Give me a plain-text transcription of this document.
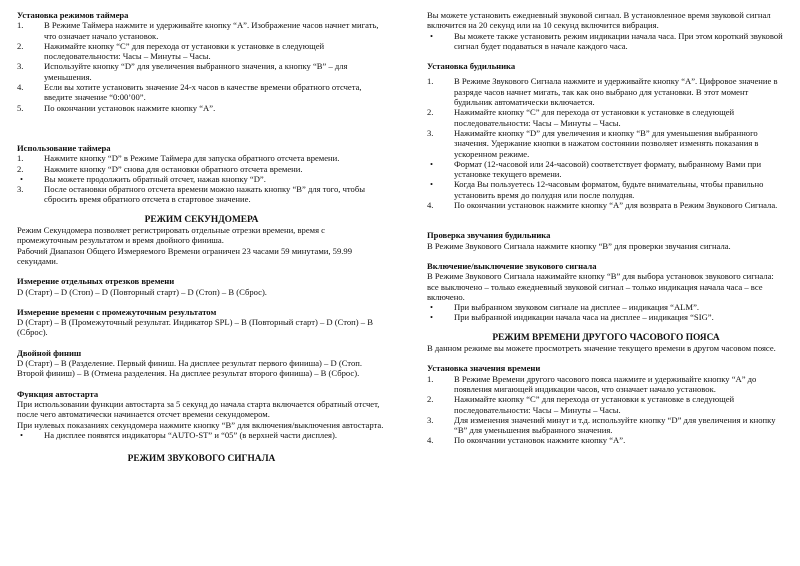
Установка режимов таймера

1.	В Режиме Таймера нажмите и удерживайте кнопку “A”. Изображение часов начнет мигать, что означает начало установок.
2.	Нажимайте кнопку “C” для перехода от установки к установке в следующей последовательности: Часы – Минуты – Часы.
3.	Используйте кнопку “D” для увеличения выбранного значения, а кнопку “B” – для уменьшения.
4.	Если вы хотите установить значение 24-х часов в качестве времени обратного отсчета, введите значение “0:00’00”.
5.	По окончании установок нажмите кнопку “A”.

Использование таймера

1.	Нажмите кнопку “D” в Режиме Таймера для запуска обратного отсчета времени.
2.	Нажмите кнопку “D” снова для остановки обратного отсчета времени.
•	Вы можете продолжить обратный отсчет, нажав кнопку “D”.
3.	После остановки обратного отсчета времени можно нажать кнопку “B” для того, чтобы сбросить время обратного отсчета в стартовое значение.

РЕЖИМ СЕКУНДОМЕРА

Режим Секундомера позволяет регистрировать отдельные отрезки времени, время с промежуточным результатом и время двойного финиша.

Рабочий Диапазон Общего Измеряемого Времени ограничен 23 часами 59 минутами, 59.99 секундами.

Измерение отдельных отрезков времени

D (Старт) – D (Стоп) – D (Повторный старт) – D (Стоп) – B (Сброс).

Измерение времени с промежуточным результатом

D (Старт) – B (Промежуточный результат. Индикатор SPL) – B (Повторный старт) – D (Стоп) – B (Сброс).

Двойной финиш

D (Старт) – B (Разделение. Первый финиш. На дисплее результат первого финиша) – D (Стоп. Второй финиш) – B (Отмена разделения. На дисплее результат второго финиша) – B (Сброс).

Функция автостарта

При использовании функции автостарта за 5 секунд до начала старта включается обратный отсчет, после чего автоматически начинается отсчет времени секундомером.

При нулевых показаниях секундомера нажмите кнопку “B” для включения/выключения автостарта.

•	На дисплее появятся индикаторы “AUTO-ST” и “05” (в верхней части дисплея).

РЕЖИМ ЗВУКОВОГО СИГНАЛА

Вы можете установить ежедневный звуковой сигнал. В установленное время звуковой сигнал включится на 20 секунд или на 10 секунд включится вибрация.

•	Вы можете также установить режим индикации начала часа. При этом короткий звуковой сигнал будет подаваться в начале каждого часа.

Установка будильника

1.	В Режиме Звукового Сигнала нажмите и удерживайте кнопку “A”. Цифровое значение в разряде часов начнет мигать, так как оно выбрано для установки. В этот момент будильник автоматически включается.
2.	Нажимайте кнопку “C” для перехода от установки к установке в следующей последовательности: Часы – Минуты – Часы.
3.	Нажимайте кнопку “D” для увеличения и кнопку “B” для уменьшения выбранного значения. Удержание кнопки в нажатом состоянии позволяет изменять показания в ускоренном режиме.
•	Формат (12-часовой или 24-часовой) соответствует формату, выбранному Вами при установке текущего времени.
•	Когда Вы пользуетесь 12-часовым форматом, будьте внимательны, чтобы правильно установить время до полудня или после полудня.
4.	По окончании установок нажмите кнопку “A” для возврата в Режим Звукового Сигнала.

Проверка звучания будильника

В Режиме Звукового Сигнала нажмите кнопку “B” для проверки звучания сигнала.

Включение/выключение звукового сигнала

В Режиме Звукового Сигнала нажимайте кнопку “B” для выбора установок звукового сигнала: все выключено – только ежедневный звуковой сигнал – только индикация начала часа – все включено.

•	При выбранном звуковом сигнале на дисплее – индикация “ALM”.
•	При выбранной индикации начала часа на дисплее – индикация “SIG”.

РЕЖИМ ВРЕМЕНИ ДРУГОГО ЧАСОВОГО ПОЯСА

В данном режиме вы можете просмотреть значение текущего времени в другом часовом поясе.

Установка значения времени

1.	В Режиме Времени другого часового пояса нажмите и удерживайте кнопку “A” до появления мигающей индикации часов, что означает начало установок.
2.	Нажимайте кнопку “C” для перехода от установки к установке в следующей последовательности: Часы – Минуты – Часы.
3.	Для изменения значений минут и т.д. используйте кнопку “D” для увеличения и кнопку “B” для уменьшения выбранного значения.
4.	По окончании установок нажмите кнопку “A”.
